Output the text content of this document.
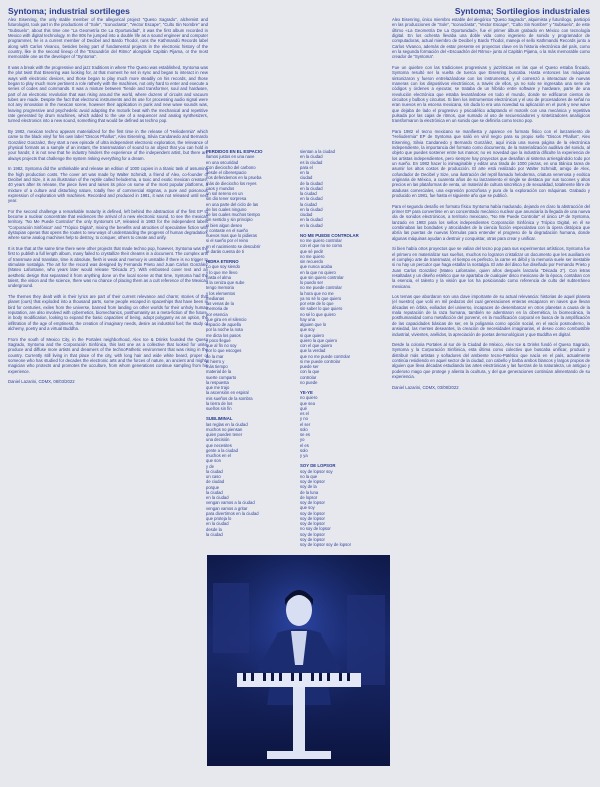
Syntoma; industrial sortileges

Alex Eisenring, the only stable member of the allegorical project “Queso Sagrado”, alchemist and futurologist, took part in the productions of “Sole”, “Iconoclasta”, “Vector Escape”, “Culto Sin Nombre” and “Subsuelo”, about this time one “La Geometría De La Oportunidad”, it was the first album recorded in Mexico with digital technology. In the 80s he jumped into a double life as a sound engineer and computer programmer, he is a current member of Decibel and Bardo Thodol, runs the Kathmandú Records label along with Carlos Vivanco, besides being part of fundamental projects in the electronic history of the country, like in the second lineup of the “Escuadrón del Ritmo” alongside Capitán Pijama, or the most memorable one as the developer of “Syntoma”.

It was a break with the progressive and jazz traditions in where The Queso was established, Syntoma was the plot twist that Eisenring was looking for, at that moment he set in sync and began to interact in new ways with electronic devices, and those began to play much more steadily on his records, and those began to play much more pertinent a role ratherly with the machines, not only hard to enter and execute a series of codes and commands. It was a mixture between Tiende and transformer, soul and hardware, part of an electronic revolution that was rising around the world, where dozens of circuits and vacuum tubes are made. Despite the fact that electronic instruments and its use for processing audio signal were not any innovation in the mexican scene, however their application in punk and new wave sounds was, leaving progressive and psychedelic avoid adapting the motorik beat with the mechanical and repetitive rate generated by drum machines, which added to the use of a sequencer and analog synthesizers, turned electronics into a new sound, something that would be defined as techno pop.

By 1982, mexican techno appears materialized for the first time in the release of “Heliodermia” which came to the black vinyl for his own label “Discos Phallus”, Alex Eisenring, Silvia Candanedo and Bernardo González Gonzalez, they start a new episode of ultra independent electronic exploration, the relevance of physical formats as a sample of an instant, the transmutation of sound to an object that you can hold in your hands; it is not new that he industry hinders the experience of the independent artist, but there are always projects that challenge the system risking everything for a dream.

In 1982, Syntoma did the unthinkable and release an edition of 1000 copies in a titanic task of assuming the high production costs. The cover art was made by Walter Schmidt, a friend of Alex, co-founder of Decibel and Size, it is an illustration of the reptile called heloderma, a toxic and exotic mexican creature, 40 years after its release, the piece lives and raises its price on some of the most popular platforms, a mixture of a culture and disturbing nature, totally free of commercial stigmas, a pure and poisonous expression of exploration with machines. Recorded and produced in 1981, it was not released until next year.

For the second challenge a remarkable maturity is defined, left behind the abstraction of the first EP to become a nuclear concentrate that evidences the arrival of a new electronic sound, to see the mexican territory. “No Me Puede Controlar” the only Syntoma's LP, released in 1983 for the independent labels “Corporación Sinfónica” and “Trópico Digital”, mixing the benefits and atrocities of speculative fiction with dystopian operas that opens the routes to new ways of understanding the progress of human degradation, where some analog machines help to destroy, to conquer, others to create and unify.

It is true that at the same time there were other projects that made techno pop, however, Syntoma was the first to publish a full length album, many failed to crystallize their dreams in a document. The complex arts of transmute and translate, time is absolute, flesh is weak and memory is unstable if there is no trigger to stimulate nostalgia. The art for the record was designed by Fernando Prieto and Juan Carlos González (Mateo Lafontaine, who years later would release “Década 2”). With embossed cover text and an aesthetic design that separated it from anything done on the local scene at that time, Syntoma had the talent, the vision and the science, there was no chance of placing them as a cult reference of the Mexican underground.

The themes they dealt with in their lyrics are part of their current relevance and charm; stories of that planet (ours) that exploded into a thousand parts, some people escaped in spaceships that have been in bird for centuries, exiles from the universe, banned from landing on other worlds for their unholy human reputation, are also involved with cybernetics, biomechanics, posthumanity as a meta-fiction of the future, in body modification, looking to expand the basic capacities of being, adopt polygamy as an option, the infiltration of the age of emptiness, the creation of imaginary needs, desire as industrial fuel; the study of alchemy, poetry and a virtual Buddha.

From the south of Mexico City, in the Portales neighborhood, Alex Ice & Drinks founded the Queso Sagrado, Syntoma and the Corporación Sinfónica, this last one as a collective that looked for unite, produce and diffuse more artists and dreamers of the technoPathetic environment that was rising in the country. Currently still living in that place of the city, with long hair and wide white beard, proper of someone who has studied for decades the electronic arts and the forces of nature, an ancient and mighty magician who protects and promotes the occulture, from whom generations continue sampling from his experience.

Daniel Lazarini, CDMX, 08/03/2022

PERDIDOS EN EL ESPACIO

llamos justos en una nave
en una oscuridad
Con dieciocho del carbono
desde el ciberespacio
nos defendemos en la prueba
más de dieciocho los reyes
caos y mundos
un sol sereno en un
sin dio tener sorpresa
en una parte del ciclo de las
de los cuales ninguno
de los cuales muchos tiempo
sin sentido y sin principio
si bien algun deseo
y contaste en el sueño
nuevos mas que lo pidieras
si el sueño por el reino
en el nacimiento se descubrir
te darás cuenta de ti

HIDRA ETERNO

Lo que soy siendo
y lo que me llevo
hasta el alma
a la ceniza que sube
tengo memoria
y los elementos
medianas
las venas de la
memoria de
por esencia
que gira en el silencio
espacio de aquella
por la noche la nota
me dicta los pasos
y poco llegué
que al fin no soy
por lo que escoges
de la mar
el hierro y
más tiempo
material de la
suerte comparto
la respuesta
que me trajo
la ascensión en espiral
mis sueños de la sombra
la tierra de los
sueños sin fin

SUBLIMINAL

las reglas en la ciudad
muchos no piensan
quien pueden tener
una decisión
que necesites
gente a la ciudad
muchos en el
que son
y de
la ciudad
un caso
de ciudad
porque
la ciudad
en la ciudad
vengan vamos a la ciudad
vengan vamos a gritar
para divertirnos en la ciudad
que proteja lo
en la ciudad
desde la
la ciudad

sientan a la ciudad
en la ciudad
es la ciudad
para el
en la
ciudad
de la ciudad
en la ciudad
la ciudad
en la ciudad
la ciudad
en la ciudad
ciudad
en la ciudad
en la ciudad

NO ME PUEDE CONTROLAR

no me quiero controlar
con el que no se como
que sé pedir
no me quiero
sin recuerdo
que nunca acaba
en la que no quiero
que sin quiero controlar
lo puedo ser
no me puede controlar
la hora que no me
ya no sé lo que quiero
por este de lo que
sin saber lo que quiero
no sé lo que quiero
hay una
alguien que lo
que soy
si que quiero
quiero la que quiero
con el que quiero
que la verdad
que no me puede controlar
si me puede controlar
puede ser
con la que
controlar
no puede

YE-YE

no quiero
que sea
qué
es el
y no
el ser
solo
se es
yo
el es
solo
y ya

SOY DE LOPSOR

soy de lopsor soy
no la que
soy de lopsor
soy de la
de la luna
de lopsor
soy de lopsor
que soy
soy de lopsor
soy de lopsor
soy de lopsor
no soy de lopsor
soy de lopsor
soy de lopsor
soy de lopsor soy de lopsor

Syntoma; Sortilegios industriales

Alex Eisenring, único miembro estable del alegórico “Queso Sagrado”, alquimista y futurólogo, participó en las producciones de “Sole”, “Iconoclasta”, “Vector Escape”, “Culto Sin Nombre” y “Subsuelo”, de este último «La Geometría De La Oportunidad», fue el primer álbum grabado en México con tecnología digital. En los ochenta llevaba una doble vida como ingeniero de sonido y programador de computadoras, actual miembro de Decibel y Bardo Thodol, maneja el sello Kathmandú Records junto a Carlos Vivanco, además de estar presente en proyectos clave en la historia electrónica del país, como en la segunda formación del «Escuadrón del Ritmo» junto al Capitán Pijama, o la más memorable como creador de “Syntoma”.

Fue un quiebre con las tradiciones progresivas y jazzísticas en las que el Queso estaba fincado, Syntoma resultó ser la vuelta de tuerca que Eisenring buscaba. Hasta entonces las máquinas sintonizaron y fueron entrelazándose con los instrumentos, y él comenzó a interactuar de nuevas maneras con los dispositivos electrónicos, a través de ellos, ya no solo se ingresaba una serie de códigos y órdenes a ejecutar, se trataba de un híbrido entre software y hardware, parte de una revolución electrónica que estaba levantándose en todo el mundo, donde se edificaron cientos de circuitos y bulbos y circuitos. Si bien los instrumentos electrónicos y el uso de procesadores de señal no eran nuevos en la escena mexicana, sin duda lo era una novedad su aplicación en el punk y new wave que dejaba de lado el progresivo y psicodélico adaptando el motorik con una mecánica y repetitiva pulsada por las cajas de ritmos, que sumado al uso de secuenciadores y sintetizadores analógicos transformaron la electrónica en un sonido que se definiría como tecno pop.

Para 1982 el tecno mexicano se manifiesta y aparece en formato físico con el lanzamiento de “Heliodermia” EP de Syntoma que salió en vinil negro para su propio sello “Discos Phallus”, Alex Eisenring, Silvia Candanedo y Bernardo González, aquí inicia una nueva página de la electrónica independiente, la importancia del formato como documento, de la materialización auditiva del sonido, al objeto que puedes sostener entre tus manos; no es novedad que la industria dificulte la experiencia de los artistas independientes, pero siempre hay proyectos que desafían al sistema arriesgándolo todo por un sueño. En 1982 hacer lo inimaginable y editar una tirada de 1000 piezas, en una titánica tarea de asumir los altos costos de producción. El arte está realizado por Walter Schmidt, amigo de Alex, cofundador de Decibel y Size, una ilustración del reptil llamado heloderma, criatura venenosa y exótica originaria de México, a cuarenta años de su lanzamiento el single se destaca por sus tocones y altos precios en las plataformas de venta, un material de cultura sincrética y de sexualidad, totalmente libre de ataduras comerciales, una expresión ponzoñosa y pura de la exploración con máquinas. Grabado y producido en 1981, fue hasta el siguiente año que se publicó.

Para el segundo desafío en formato físico Syntoma había madurado, dejando en claro la abstracción del primer EP para convertirse en un concentrado mecánico nuclear que anunciaría la llegada de una nueva ola de sonidos electrónicos, a territorio mexicano, “No Me Puede Controlar” el único LP de Syntoma, lanzado en 1983 para los sellos independientes Corporación Sinfónica y Trópico Digital, en él se combinaban las bondades y atrocidades de la ciencia ficción especulativa con la ópera distópica que abría las puertas de nuevas fórmulas para entender el progreso de la degradación humana, donde algunas máquinas ayudan a destruir y conquistar, otras para crear y unificar.

Si bien había otros proyectos que se valían del tecno pop para sus experimentos artísticos, Syntoma fue el primero en materializar sus sueños, muchos no lograron cristalizar un documento que les auxiliara en el complejo arte de transmutar, el tiempo es perfecto, la carne es débil y la memoria suele ser inestable si no hay un percutor que haga estallar la nostalgia. El arte del disco fue diseñado por Fernando Prieto y Juan Carlos González (Mateo Lafontaine, quien años después lanzaría “Década 2”). Con letras resaltadas y un diseño estético que se apartaba de cualquier disco mexicano de la época, contaban con la esencia, el talento y la visión que los ha posicionado como referencia de culto del subterráneo mexicano.

Los temas que abordaron son una clave importante de su actual relevancia: historias de aquel planeta (el nuestro) que voló en mil pedazos del cual generaciones enteras escaparon en naves que llevan décadas en órbita, exiliados del universo, incapaces de desembarcar en otros planetas a causa de la mala reputación de la raza humana, también se adentraron en la cibernética, la biomecánica, la posthumanidad como metaficción del porvenir, en la modificación corporal en busca de la amplificación de las capacidades básicas de ser, en la poligamia como opción social, en el vacío posmoderno, la ansiedad, las mentes deseantes, la creación de necesidades imaginarias, el deseo como combustible industrial, vivientes, anélidos, la apreciación de poetas demonológicos y que Buddha es digital.

Desde la colonia Portales al sur de la Ciudad de México, Alex Ice & Drinks fundó el Queso Sagrado, Syntoma y la Corporación Sinfónica, esta última como colectivo que buscaba unificar, producir y distribuir más artistas y soñadores del ambiente tecno-Patético que nacía en el país, actualmente continúa residiendo en aquel sector de la ciudad, con cabello y barba ambos blancos y largos propios de alguien que lleva décadas estudiando las artes electrónicas y las fuerzas de la naturaleza, un antiguo y poderoso mago que protege y alienta la ocultura, y del que generaciones continúan alimentando de su experiencia.

Daniel Lazarini, CDMX, 03/08/2022
